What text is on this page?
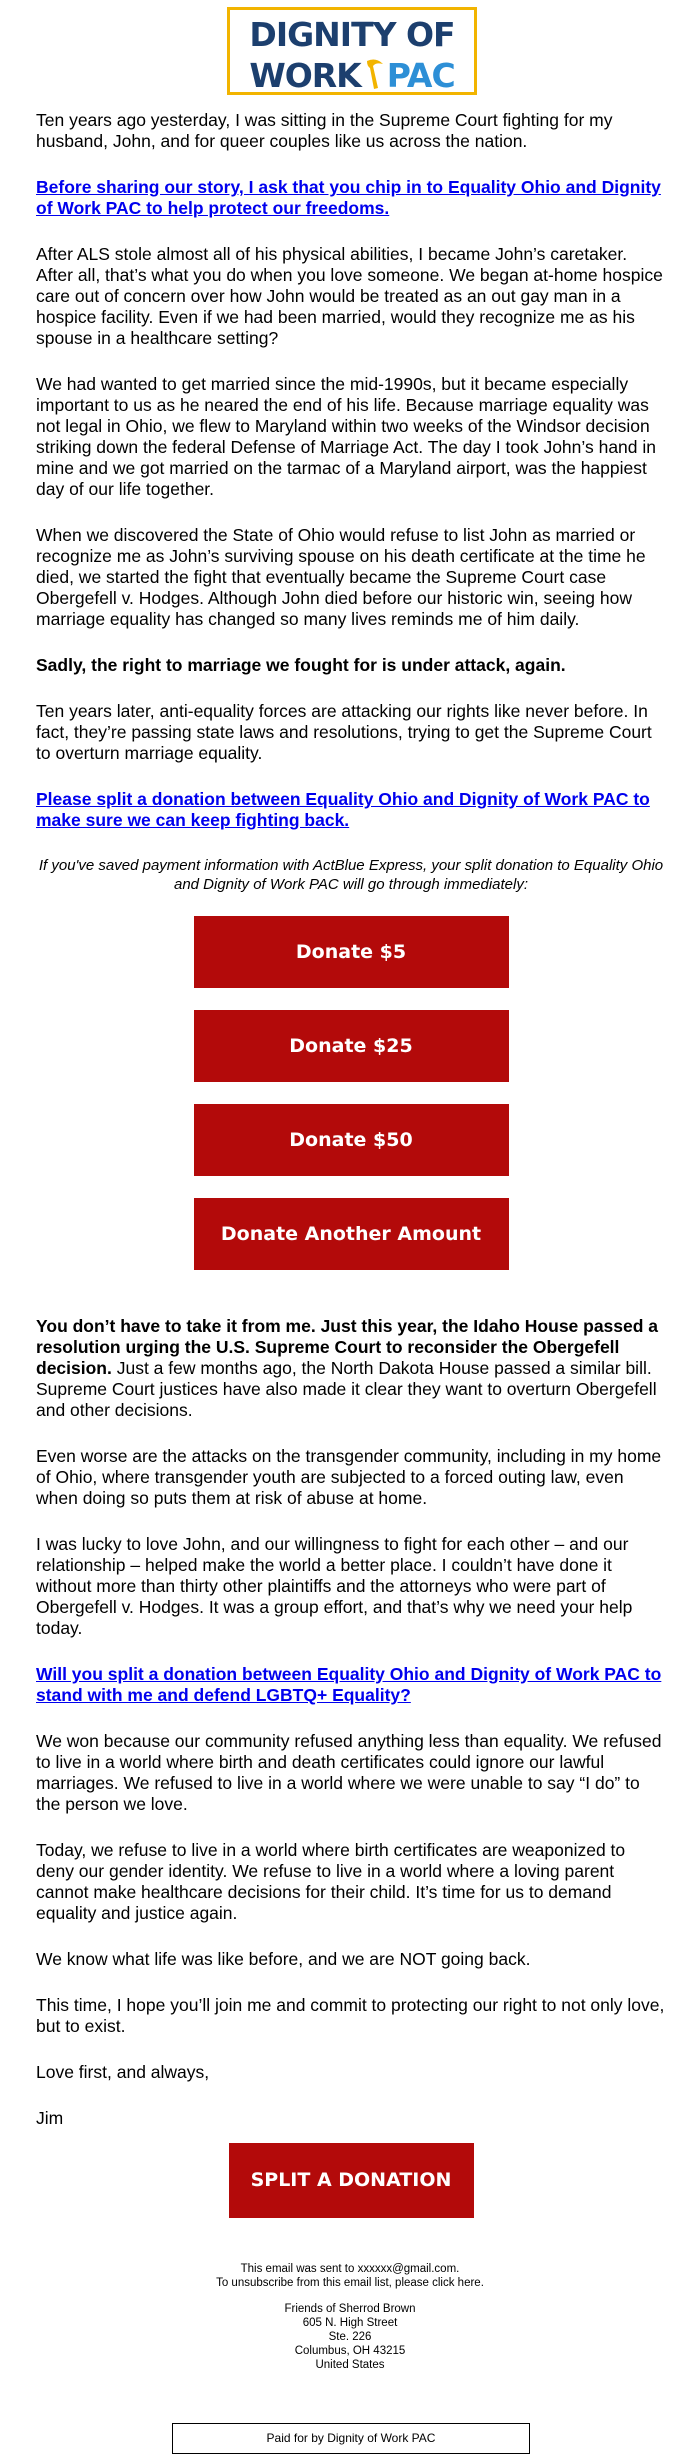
DIGNITY OF
WORK PAC

Ten years ago yesterday, I was sitting in the Supreme Court fighting for my husband, John, and for queer couples like us across the nation.

Before sharing our story, I ask that you chip in to Equality Ohio and Dignity of Work PAC to help protect our freedoms.

After ALS stole almost all of his physical abilities, I became John’s caretaker. After all, that’s what you do when you love someone. We began at-home hospice care out of concern over how John would be treated as an out gay man in a hospice facility. Even if we had been married, would they recognize me as his spouse in a healthcare setting?

We had wanted to get married since the mid-1990s, but it became especially important to us as he neared the end of his life. Because marriage equality was not legal in Ohio, we flew to Maryland within two weeks of the Windsor decision striking down the federal Defense of Marriage Act. The day I took John’s hand in mine and we got married on the tarmac of a Maryland airport, was the happiest day of our life together.

When we discovered the State of Ohio would refuse to list John as married or recognize me as John’s surviving spouse on his death certificate at the time he died, we started the fight that eventually became the Supreme Court case Obergefell v. Hodges. Although John died before our historic win, seeing how marriage equality has changed so many lives reminds me of him daily.

Sadly, the right to marriage we fought for is under attack, again.

Ten years later, anti-equality forces are attacking our rights like never before. In fact, they’re passing state laws and resolutions, trying to get the Supreme Court to overturn marriage equality.

Please split a donation between Equality Ohio and Dignity of Work PAC to make sure we can keep fighting back.

If you've saved payment information with ActBlue Express, your split donation to Equality Ohio and Dignity of Work PAC will go through immediately:

Donate $5
Donate $25
Donate $50
Donate Another Amount

You don’t have to take it from me. Just this year, the Idaho House passed a resolution urging the U.S. Supreme Court to reconsider the Obergefell decision. Just a few months ago, the North Dakota House passed a similar bill. Supreme Court justices have also made it clear they want to overturn Obergefell and other decisions.

Even worse are the attacks on the transgender community, including in my home of Ohio, where transgender youth are subjected to a forced outing law, even when doing so puts them at risk of abuse at home.

I was lucky to love John, and our willingness to fight for each other – and our relationship – helped make the world a better place. I couldn’t have done it without more than thirty other plaintiffs and the attorneys who were part of Obergefell v. Hodges. It was a group effort, and that’s why we need your help today.

Will you split a donation between Equality Ohio and Dignity of Work PAC to stand with me and defend LGBTQ+ Equality?

We won because our community refused anything less than equality. We refused to live in a world where birth and death certificates could ignore our lawful marriages. We refused to live in a world where we were unable to say “I do” to the person we love.

Today, we refuse to live in a world where birth certificates are weaponized to deny our gender identity. We refuse to live in a world where a loving parent cannot make healthcare decisions for their child. It’s time for us to demand equality and justice again.

We know what life was like before, and we are NOT going back.

This time, I hope you’ll join me and commit to protecting our right to not only love, but to exist.

Love first, and always,

Jim

SPLIT A DONATION
This email was sent to xxxxxx@gmail.com.
To unsubscribe from this email list, please click here.
Friends of Sherrod Brown
605 N. High Street
Ste. 226
Columbus, OH 43215
United States
Paid for by Dignity of Work PAC
